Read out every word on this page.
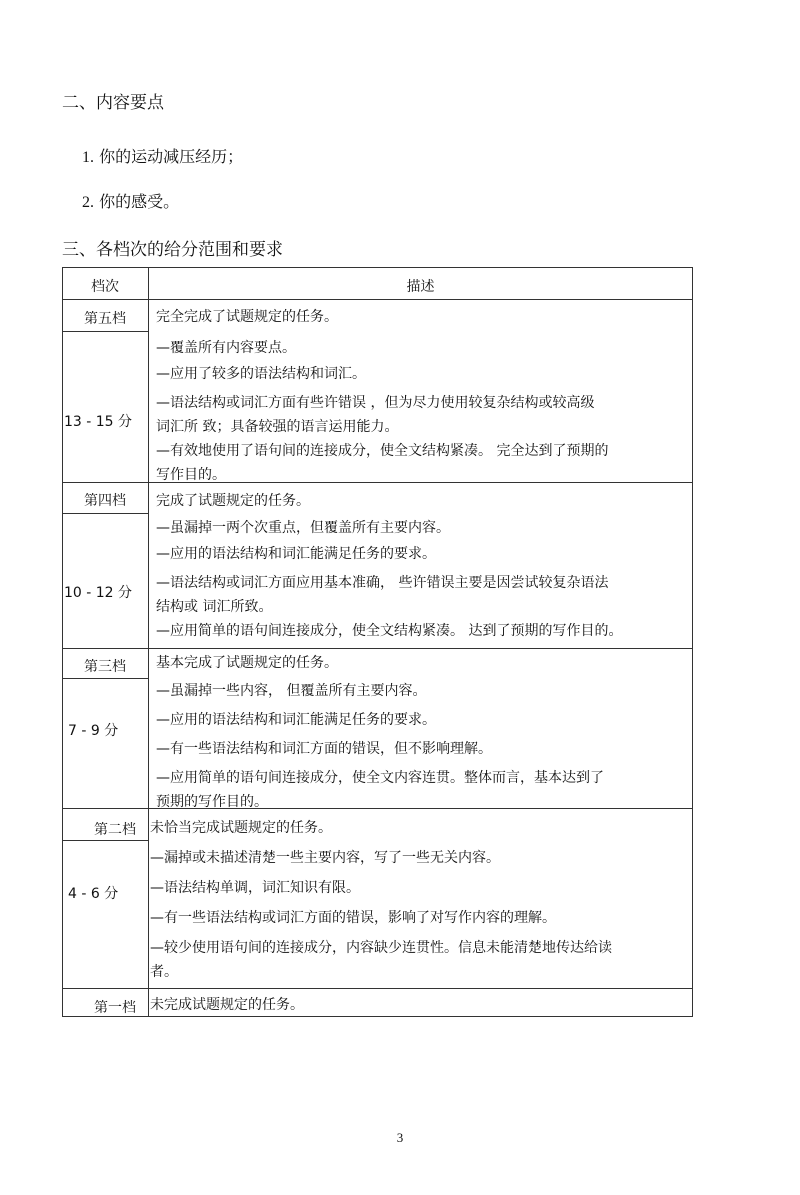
二、内容要点
1. 你的运动减压经历；
2. 你的感受。
三、各档次的给分范围和要求
档次	描述
第五档
13 - 15 分
完全完成了试题规定的任务。
—覆盖所有内容要点。
—应用了较多的语法结构和词汇。
—语法结构或词汇方面有些许错误 ，但为尽力使用较复杂结构或较高级
词汇所 致；具备较强的语言运用能力。
—有效地使用了语句间的连接成分，使全文结构紧凑。 完全达到了预期的
写作目的。
第四档
10 - 12 分
完成了试题规定的任务。
—虽漏掉一两个次重点，但覆盖所有主要内容。
—应用的语法结构和词汇能满足任务的要求。
—语法结构或词汇方面应用基本准确， 些许错误主要是因尝试较复杂语法
结构或 词汇所致。
—应用简单的语句间连接成分，使全文结构紧凑。 达到了预期的写作目的。
第三档
7 - 9 分
基本完成了试题规定的任务。
—虽漏掉一些内容， 但覆盖所有主要内容。
—应用的语法结构和词汇能满足任务的要求。
—有一些语法结构和词汇方面的错误，但不影响理解。
—应用简单的语句间连接成分，使全文内容连贯。整体而言，基本达到了
预期的写作目的。
第二档
4 - 6 分
未恰当完成试题规定的任务。
—漏掉或未描述清楚一些主要内容，写了一些无关内容。
—语法结构单调，词汇知识有限。
—有一些语法结构或词汇方面的错误，影响了对写作内容的理解。
—较少使用语句间的连接成分，内容缺少连贯性。信息未能清楚地传达给读
者。
第一档	未完成试题规定的任务。
3
